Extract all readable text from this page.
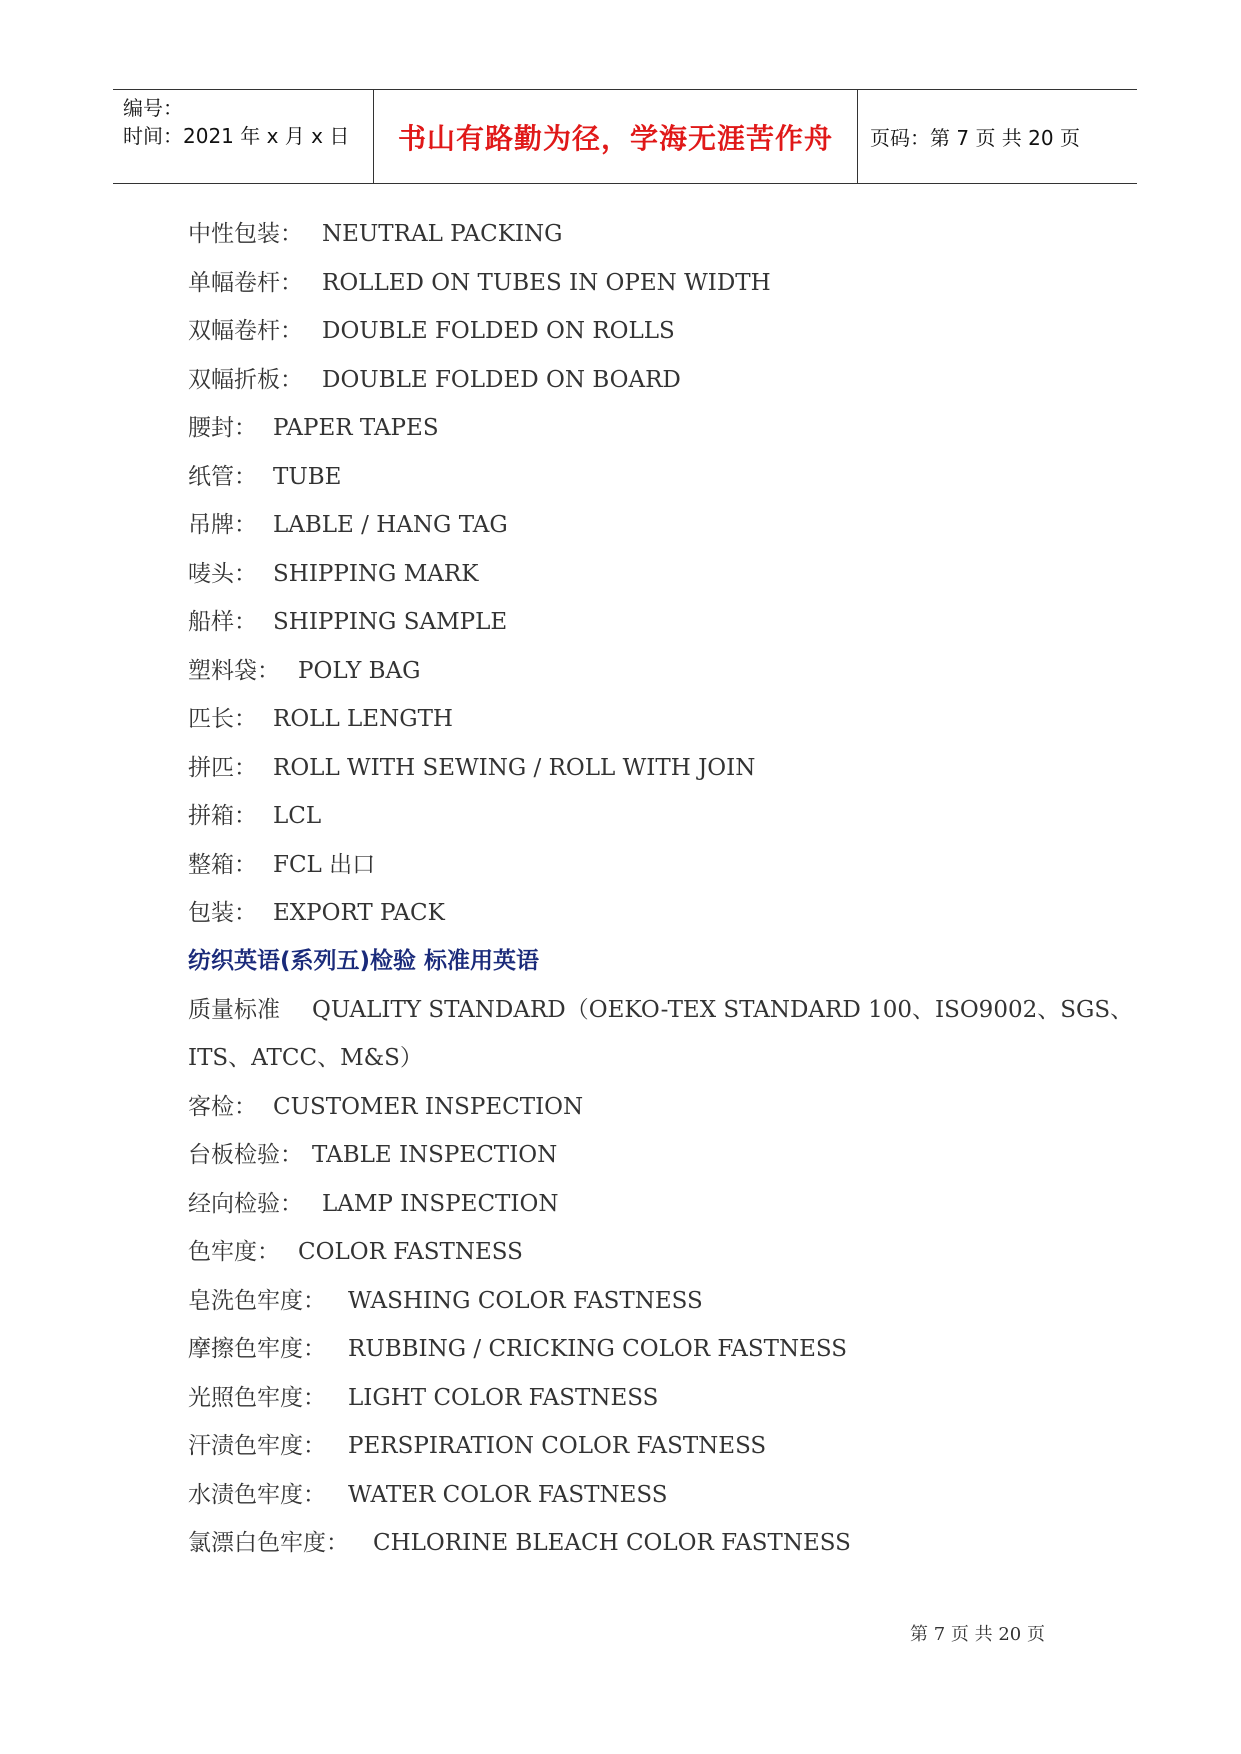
编号：
时间：2021 年 x 月 x 日 书山有路勤为径，学海无涯苦作舟 页码：第 7 页 共 20 页
中性包装： NEUTRAL PACKING
单幅卷杆： ROLLED ON TUBES IN OPEN WIDTH
双幅卷杆： DOUBLE FOLDED ON ROLLS
双幅折板： DOUBLE FOLDED ON BOARD
腰封： PAPER TAPES
纸管： TUBE
吊牌： LABLE / HANG TAG
唛头： SHIPPING MARK
船样： SHIPPING SAMPLE
塑料袋： POLY BAG
匹长： ROLL LENGTH
拼匹： ROLL WITH SEWING / ROLL WITH JOIN
拼箱： LCL
整箱： FCL 出口
包装： EXPORT PACK
纺织英语(系列五)检验 标准用英语
质量标准 QUALITY STANDARD（OEKO-TEX STANDARD 100、ISO9002、SGS、
ITS、ATCC、M&S）
客检： CUSTOMER INSPECTION
台板检验： TABLE INSPECTION
经向检验： LAMP INSPECTION
色牢度： COLOR FASTNESS
皂洗色牢度： WASHING COLOR FASTNESS
摩擦色牢度： RUBBING / CRICKING COLOR FASTNESS
光照色牢度： LIGHT COLOR FASTNESS
汗渍色牢度： PERSPIRATION COLOR FASTNESS
水渍色牢度： WATER COLOR FASTNESS
氯漂白色牢度： CHLORINE BLEACH COLOR FASTNESS
第 7 页 共 20 页
